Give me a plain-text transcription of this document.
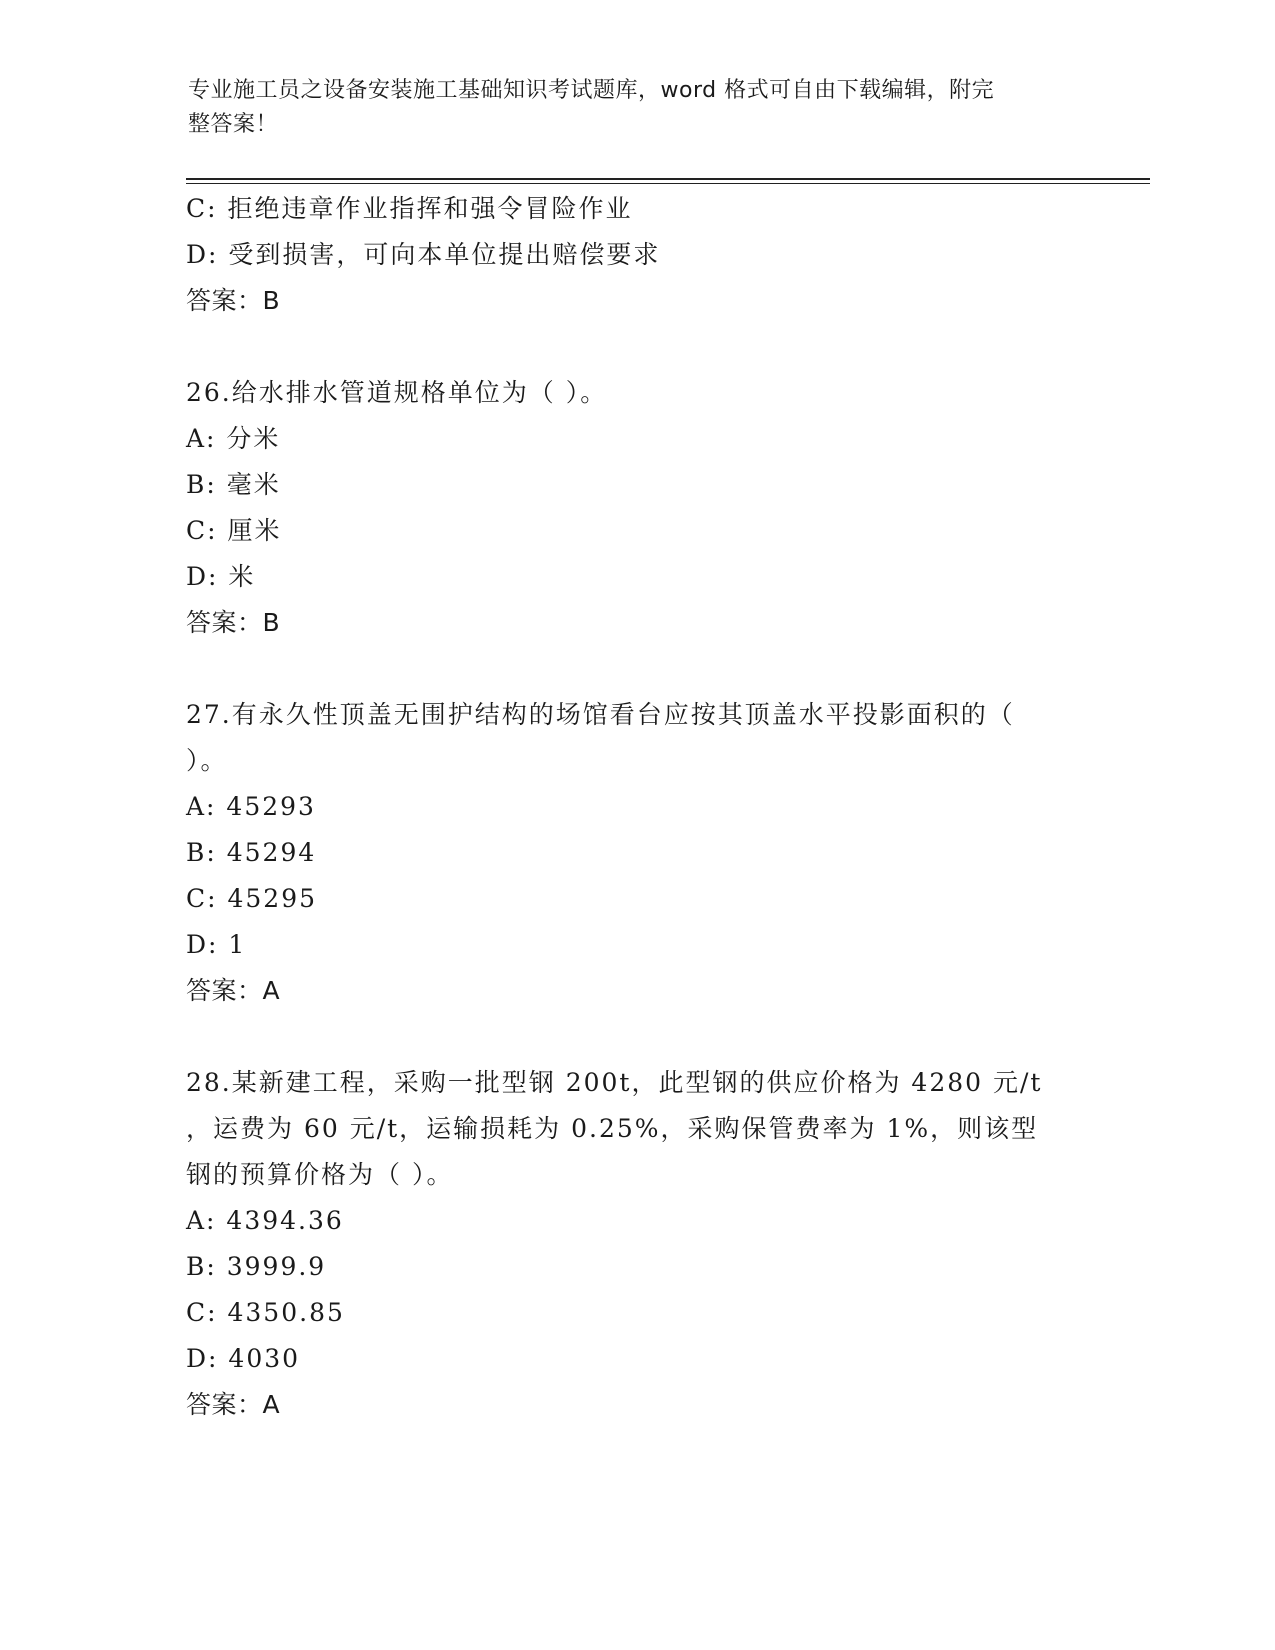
专业施工员之设备安装施工基础知识考试题库，word 格式可自由下载编辑，附完
整答案！
C: 拒绝违章作业指挥和强令冒险作业
D: 受到损害，可向本单位提出赔偿要求
答案：B
26.给水排水管道规格单位为（ ）。
A: 分米
B: 毫米
C: 厘米
D: 米
答案：B
27.有永久性顶盖无围护结构的场馆看台应按其顶盖水平投影面积的（
）。
A: 45293
B: 45294
C: 45295
D: 1
答案：A
28.某新建工程，采购一批型钢 200t，此型钢的供应价格为 4280 元/t
，运费为 60 元/t，运输损耗为 0.25%，采购保管费率为 1%，则该型
钢的预算价格为（ ）。
A: 4394.36
B: 3999.9
C: 4350.85
D: 4030
答案：A
